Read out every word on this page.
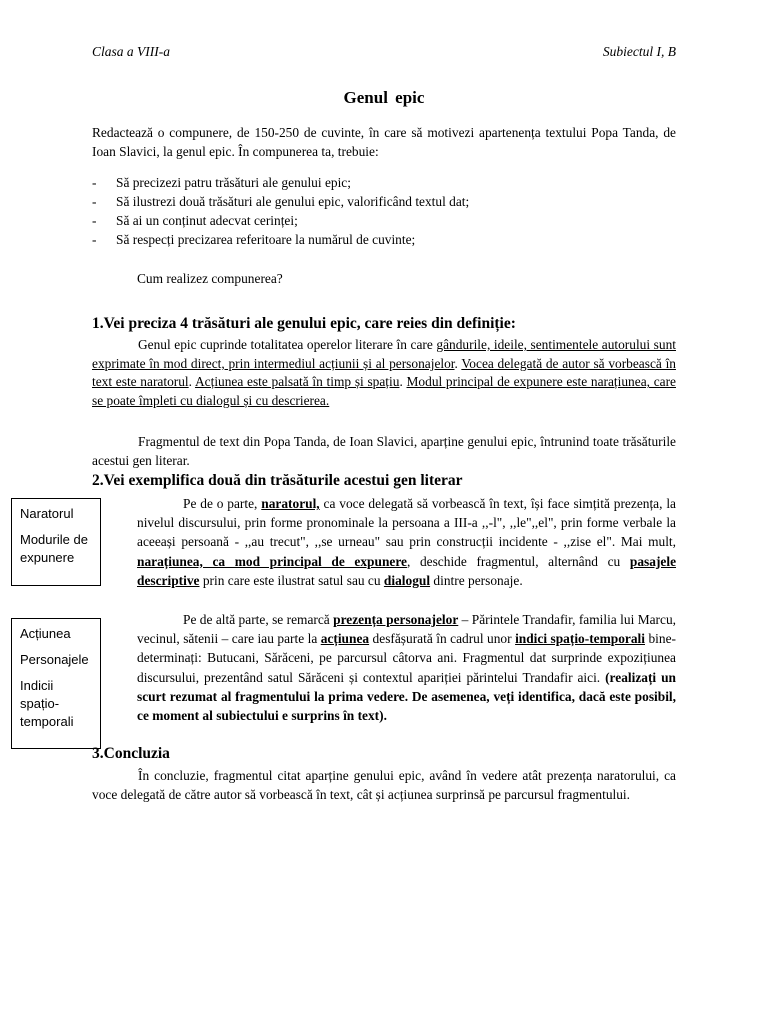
Clasa a VIII-a	Subiectul I, B
Genul epic
Redactează o compunere, de 150-250 de cuvinte, în care să motivezi apartenența textului Popa Tanda, de Ioan Slavici, la genul epic. În compunerea ta, trebuie:
- Să precizezi patru trăsături ale genului epic;
- Să ilustrezi două trăsături ale genului epic, valorificând textul dat;
- Să ai un conținut adecvat cerinței;
- Să respecți precizarea referitoare la numărul de cuvinte;
Cum realizez compunerea?
1.Vei preciza 4 trăsături ale genului epic, care reies din definiție:
Genul epic cuprinde totalitatea operelor literare în care gândurile, ideile, sentimentele autorului sunt exprimate în mod direct, prin intermediul acțiunii și al personajelor. Vocea delegată de autor să vorbească în text este naratorul. Acțiunea este palsată în timp și spațiu. Modul principal de expunere este narațiunea, care se poate împleti cu dialogul și cu descrierea.
Fragmentul de text din Popa Tanda, de Ioan Slavici, aparține genului epic, întrunind toate trăsăturile acestui gen literar.
2.Vei exemplifica două din trăsăturile acestui gen literar
Naratorul
Modurile de expunere
Acțiunea
Personajele
Indicii spațio-temporali
Pe de o parte, naratorul, ca voce delegată să vorbească în text, își face simțită prezența, la nivelul discursului, prin forme pronominale la persoana a III-a ,,-l", ,,le",,el", prin forme verbale la aceeași persoană - ,,au trecut", ,,se urneau" sau prin construcții incidente - ,,zise el". Mai mult, narațiunea, ca mod principal de expunere, deschide fragmentul, alternând cu pasajele descriptive prin care este ilustrat satul sau cu dialogul dintre personaje.
Pe de altă parte, se remarcă prezența personajelor – Părintele Trandafir, familia lui Marcu, vecinul, sătenii – care iau parte la acțiunea desfășurată în cadrul unor indici spațio-temporali bine-determinați: Butucani, Sărăceni, pe parcursul câtorva ani. Fragmentul dat surprinde expozițiunea discursului, prezentând satul Sărăceni și contextul apariției părintelui Trandafir aici. (realizați un scurt rezumat al fragmentului la prima vedere. De asemenea, veți identifica, dacă este posibil, ce moment al subiectului e surprins în text).
3.Concluzia
În concluzie, fragmentul citat aparține genului epic, având în vedere atât prezența naratorului, ca voce delegată de către autor să vorbească în text, cât și acțiunea surprinsă pe parcursul fragmentului.
